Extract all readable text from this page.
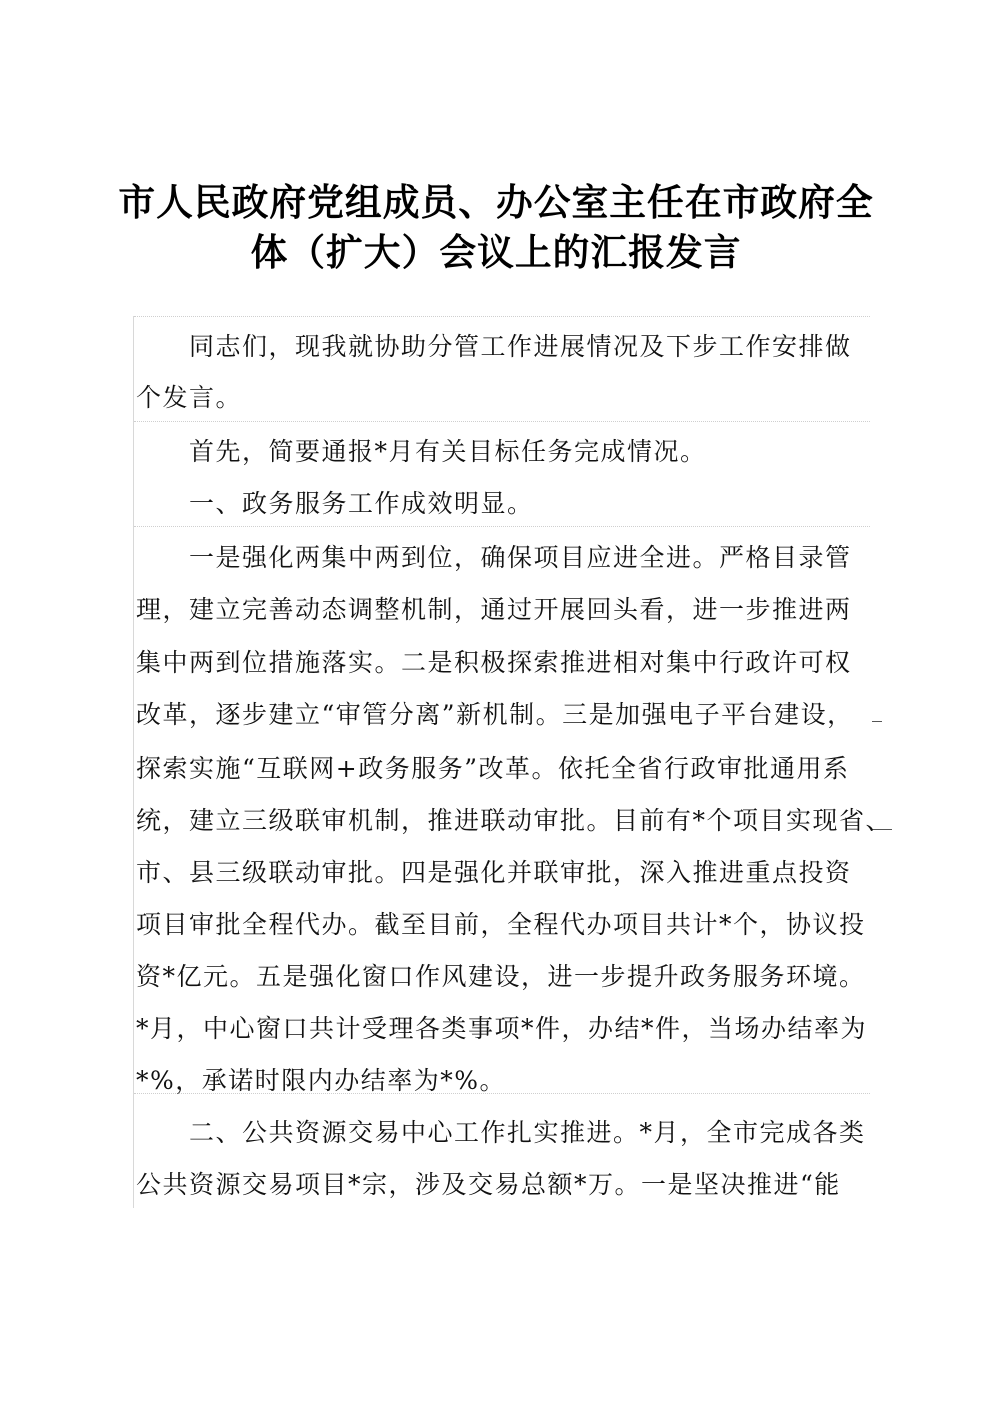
市人民政府党组成员、办公室主任在市政府全
体（扩大）会议上的汇报发言
　　同志们，现我就协助分管工作进展情况及下步工作安排做
个发言。
　　首先，简要通报*月有关目标任务完成情况。
　　一、政务服务工作成效明显。
　　一是强化两集中两到位，确保项目应进全进。严格目录管
理，建立完善动态调整机制，通过开展回头看，进一步推进两
集中两到位措施落实。二是积极探索推进相对集中行政许可权
改革，逐步建立“审管分离”新机制。三是加强电子平台建设，
探索实施“互联网+政务服务”改革。依托全省行政审批通用系
统，建立三级联审机制，推进联动审批。目前有*个项目实现省、
市、县三级联动审批。四是强化并联审批，深入推进重点投资
项目审批全程代办。截至目前，全程代办项目共计*个，协议投
资*亿元。五是强化窗口作风建设，进一步提升政务服务环境。
*月，中心窗口共计受理各类事项*件，办结*件，当场办结率为
*%，承诺时限内办结率为*%。
　　二、公共资源交易中心工作扎实推进。*月，全市完成各类
公共资源交易项目*宗，涉及交易总额*万。一是坚决推进“能
